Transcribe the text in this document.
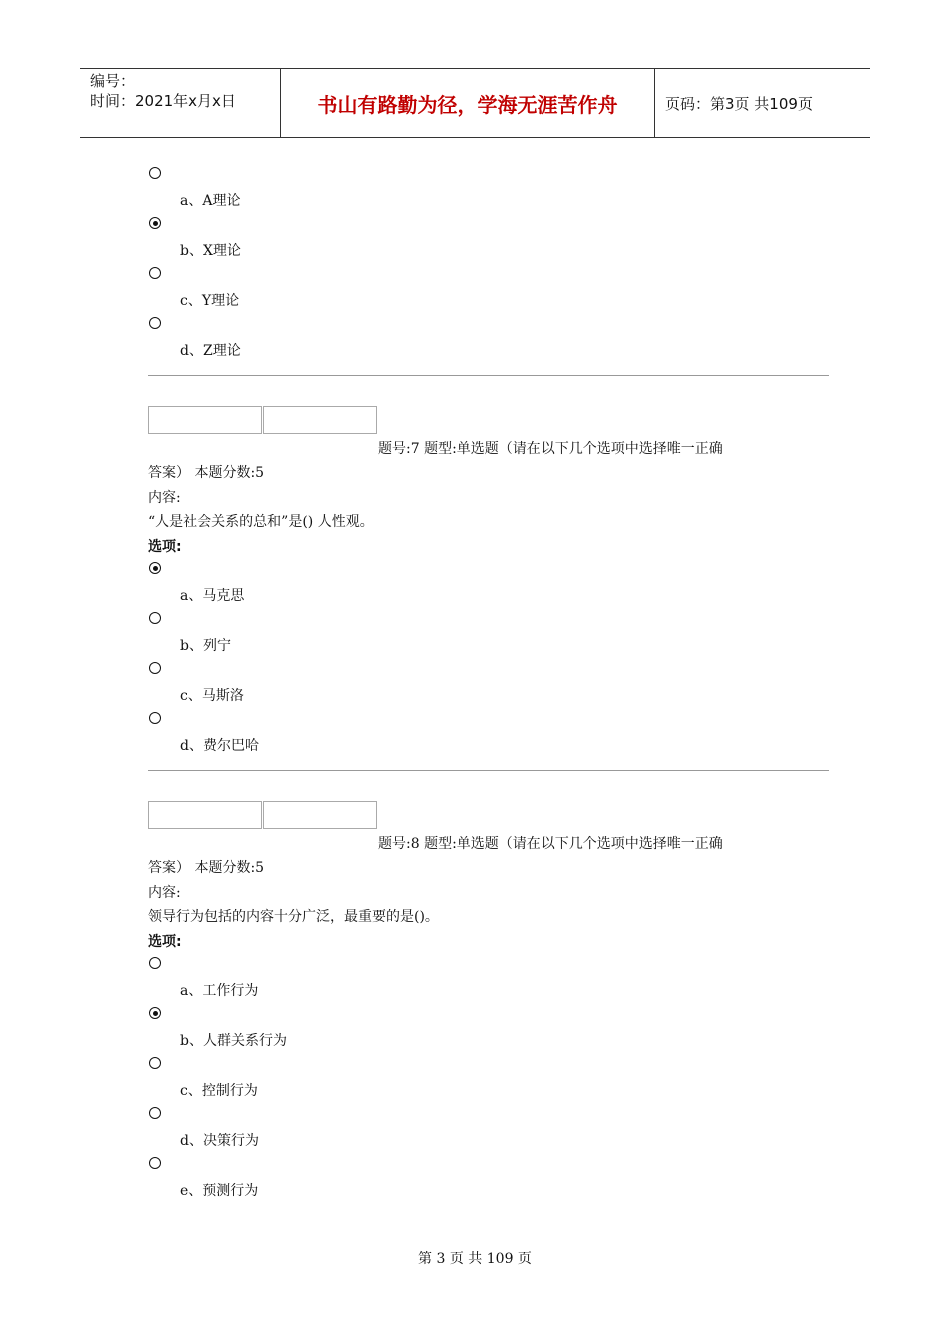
编号：
时间：2021年x月x日	书山有路勤为径，学海无涯苦作舟	页码：第3页 共109页
a、A理论
b、X理论
c、Y理论
d、Z理论
题号:7 题型:单选题（请在以下几个选项中选择唯一正确
答案） 本题分数:5
内容:
“人是社会关系的总和”是() 人性观。
选项:
a、马克思
b、列宁
c、马斯洛
d、费尔巴哈
题号:8 题型:单选题（请在以下几个选项中选择唯一正确
答案） 本题分数:5
内容:
领导行为包括的内容十分广泛，最重要的是()。
选项:
a、工作行为
b、人群关系行为
c、控制行为
d、决策行为
e、预测行为
第 3 页 共 109 页
